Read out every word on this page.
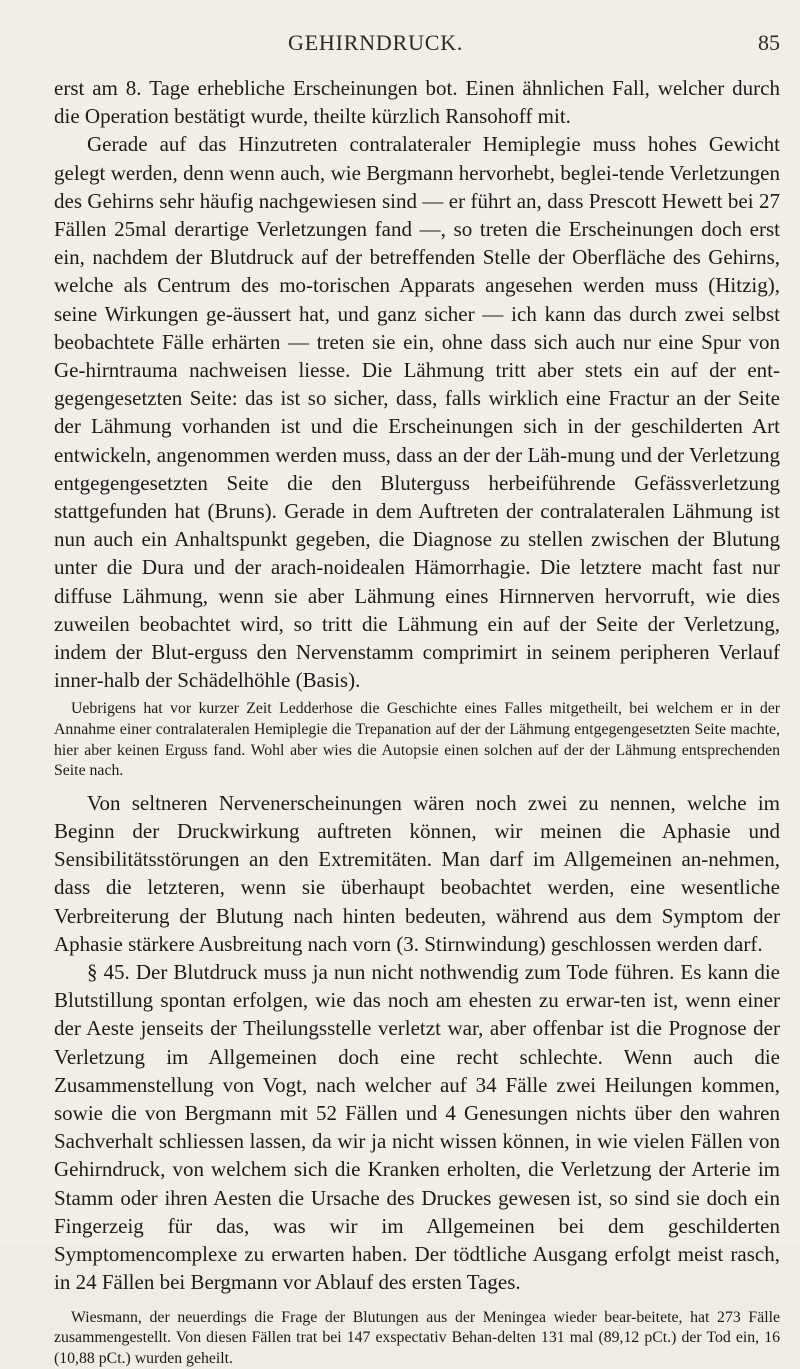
GEHIRNDRUCK.	85

erst am 8. Tage erhebliche Erscheinungen bot. Einen ähnlichen Fall, welcher durch die Operation bestätigt wurde, theilte kürzlich Ransohoff mit.

Gerade auf das Hinzutreten contralateraler Hemiplegie muss hohes Gewicht gelegt werden, denn wenn auch, wie Bergmann hervorhebt, beglei-tende Verletzungen des Gehirns sehr häufig nachgewiesen sind — er führt an, dass Prescott Hewett bei 27 Fällen 25mal derartige Verletzungen fand —, so treten die Erscheinungen doch erst ein, nachdem der Blutdruck auf der betreffenden Stelle der Oberfläche des Gehirns, welche als Centrum des mo-torischen Apparats angesehen werden muss (Hitzig), seine Wirkungen ge-äussert hat, und ganz sicher — ich kann das durch zwei selbst beobachtete Fälle erhärten — treten sie ein, ohne dass sich auch nur eine Spur von Ge-hirntrauma nachweisen liesse. Die Lähmung tritt aber stets ein auf der ent-gegengesetzten Seite: das ist so sicher, dass, falls wirklich eine Fractur an der Seite der Lähmung vorhanden ist und die Erscheinungen sich in der geschilderten Art entwickeln, angenommen werden muss, dass an der der Läh-mung und der Verletzung entgegengesetzten Seite die den Bluterguss herbeiführende Gefässverletzung stattgefunden hat (Bruns). Gerade in dem Auftreten der contralateralen Lähmung ist nun auch ein Anhaltspunkt gegeben, die Diagnose zu stellen zwischen der Blutung unter die Dura und der arach-noidealen Hämorrhagie. Die letztere macht fast nur diffuse Lähmung, wenn sie aber Lähmung eines Hirnnerven hervorruft, wie dies zuweilen beobachtet wird, so tritt die Lähmung ein auf der Seite der Verletzung, indem der Blut-erguss den Nervenstamm comprimirt in seinem peripheren Verlauf inner-halb der Schädelhöhle (Basis).

Uebrigens hat vor kurzer Zeit Ledderhose die Geschichte eines Falles mitgetheilt, bei welchem er in der Annahme einer contralateralen Hemiplegie die Trepanation auf der der Lähmung entgegengesetzten Seite machte, hier aber keinen Erguss fand. Wohl aber wies die Autopsie einen solchen auf der der Lähmung entsprechenden Seite nach.

Von seltneren Nervenerscheinungen wären noch zwei zu nennen, welche im Beginn der Druckwirkung auftreten können, wir meinen die Aphasie und Sensibilitätsstörungen an den Extremitäten. Man darf im Allgemeinen an-nehmen, dass die letzteren, wenn sie überhaupt beobachtet werden, eine wesentliche Verbreiterung der Blutung nach hinten bedeuten, während aus dem Symptom der Aphasie stärkere Ausbreitung nach vorn (3. Stirnwindung) geschlossen werden darf.

§ 45. Der Blutdruck muss ja nun nicht nothwendig zum Tode führen. Es kann die Blutstillung spontan erfolgen, wie das noch am ehesten zu erwar-ten ist, wenn einer der Aeste jenseits der Theilungsstelle verletzt war, aber offenbar ist die Prognose der Verletzung im Allgemeinen doch eine recht schlechte. Wenn auch die Zusammenstellung von Vogt, nach welcher auf 34 Fälle zwei Heilungen kommen, sowie die von Bergmann mit 52 Fällen und 4 Genesungen nichts über den wahren Sachverhalt schliessen lassen, da wir ja nicht wissen können, in wie vielen Fällen von Gehirndruck, von welchem sich die Kranken erholten, die Verletzung der Arterie im Stamm oder ihren Aesten die Ursache des Druckes gewesen ist, so sind sie doch ein Fingerzeig für das, was wir im Allgemeinen bei dem geschilderten Symptomencomplexe zu erwarten haben. Der tödtliche Ausgang erfolgt meist rasch, in 24 Fällen bei Bergmann vor Ablauf des ersten Tages.

Wiesmann, der neuerdings die Frage der Blutungen aus der Meningea wieder bear-beitete, hat 273 Fälle zusammengestellt. Von diesen Fällen trat bei 147 exspectativ Behan-delten 131 mal (89,12 pCt.) der Tod ein, 16 (10,88 pCt.) wurden geheilt.
